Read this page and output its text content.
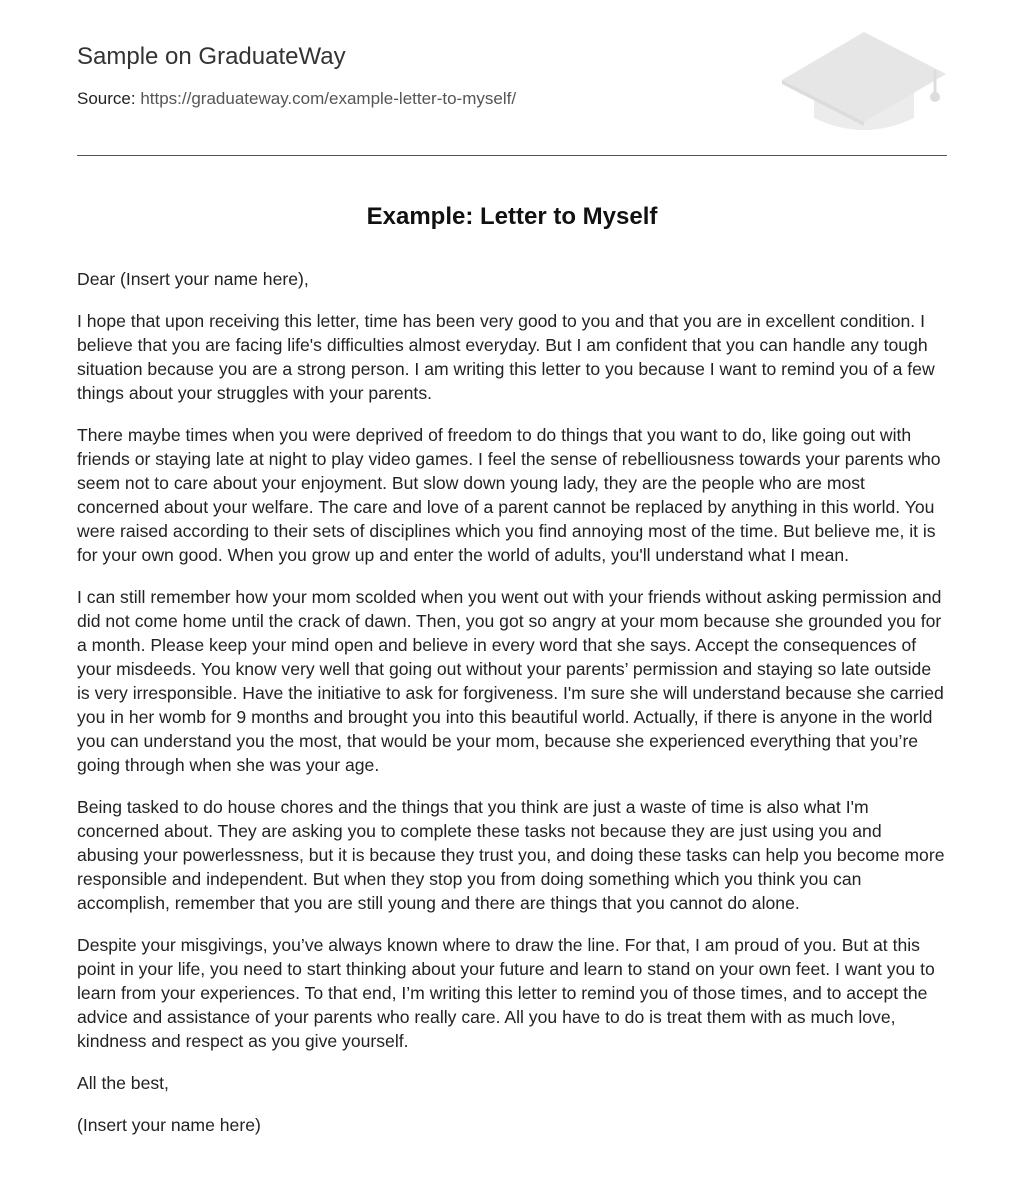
Sample on GraduateWay
Source: https://graduateway.com/example-letter-to-myself/
Example: Letter to Myself

Dear (Insert your name here),

I hope that upon receiving this letter, time has been very good to you and that you are in excellent condition. I believe that you are facing life's difficulties almost everyday. But I am confident that you can handle any tough situation because you are a strong person. I am writing this letter to you because I want to remind you of a few things about your struggles with your parents.

There maybe times when you were deprived of freedom to do things that you want to do, like going out with friends or staying late at night to play video games. I feel the sense of rebelliousness towards your parents who seem not to care about your enjoyment. But slow down young lady, they are the people who are most concerned about your welfare. The care and love of a parent cannot be replaced by anything in this world. You were raised according to their sets of disciplines which you find annoying most of the time. But believe me, it is for your own good. When you grow up and enter the world of adults, you'll understand what I mean.

I can still remember how your mom scolded when you went out with your friends without asking permission and did not come home until the crack of dawn. Then, you got so angry at your mom because she grounded you for a month. Please keep your mind open and believe in every word that she says. Accept the consequences of your misdeeds. You know very well that going out without your parents’ permission and staying so late outside is very irresponsible. Have the initiative to ask for forgiveness. I'm sure she will understand because she carried you in her womb for 9 months and brought you into this beautiful world. Actually, if there is anyone in the world you can understand you the most, that would be your mom, because she experienced everything that you’re going through when she was your age.

Being tasked to do house chores and the things that you think are just a waste of time is also what I'm concerned about. They are asking you to complete these tasks not because they are just using you and abusing your powerlessness, but it is because they trust you, and doing these tasks can help you become more responsible and independent. But when they stop you from doing something which you think you can accomplish, remember that you are still young and there are things that you cannot do alone.

Despite your misgivings, you’ve always known where to draw the line. For that, I am proud of you. But at this point in your life, you need to start thinking about your future and learn to stand on your own feet. I want you to learn from your experiences. To that end, I’m writing this letter to remind you of those times, and to accept the advice and assistance of your parents who really care. All you have to do is treat them with as much love, kindness and respect as you give yourself.

All the best,

(Insert your name here)
